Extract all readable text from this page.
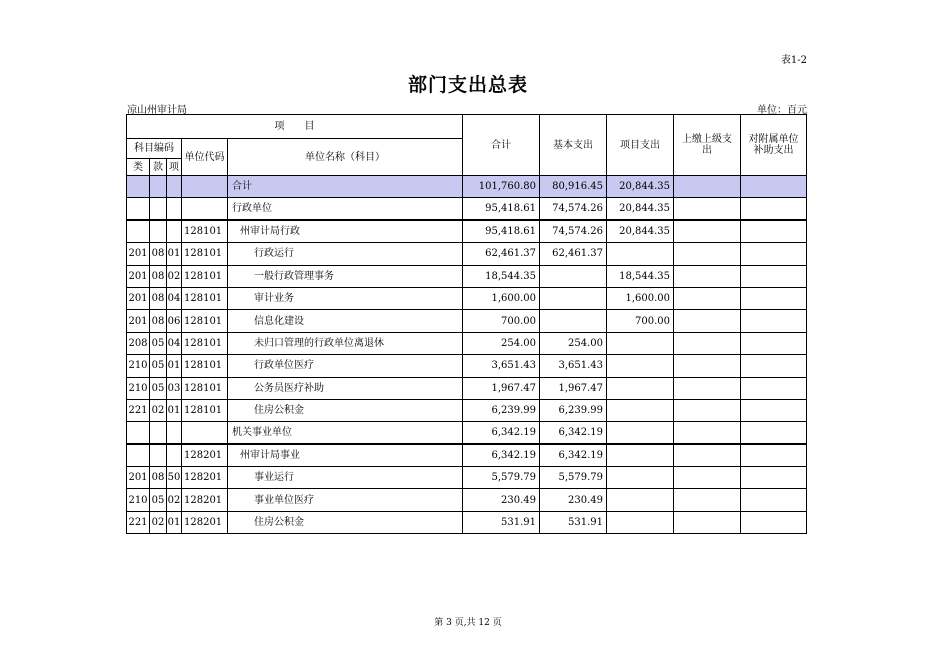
表1-2
部门支出总表
凉山州审计局	单位：百元
项　　目					合计	基本支出	项目支出	上缴上级支出	对附属单位补助支出
科目编码			单位代码	单位名称（科目）					
类	款	项							
				合计	101,760.80	80,916.45	20,844.35		
				行政单位	95,418.61	74,574.26	20,844.35		
			128101	州审计局行政	95,418.61	74,574.26	20,844.35		
201	08	01	128101	行政运行	62,461.37	62,461.37			
201	08	02	128101	一般行政管理事务	18,544.35		18,544.35		
201	08	04	128101	审计业务	1,600.00		1,600.00		
201	08	06	128101	信息化建设	700.00		700.00		
208	05	04	128101	未归口管理的行政单位离退休	254.00	254.00			
210	05	01	128101	行政单位医疗	3,651.43	3,651.43			
210	05	03	128101	公务员医疗补助	1,967.47	1,967.47			
221	02	01	128101	住房公积金	6,239.99	6,239.99			
				机关事业单位	6,342.19	6,342.19			
			128201	州审计局事业	6,342.19	6,342.19			
201	08	50	128201	事业运行	5,579.79	5,579.79			
210	05	02	128201	事业单位医疗	230.49	230.49			
221	02	01	128201	住房公积金	531.91	531.91			
第 3 页,共 12 页
